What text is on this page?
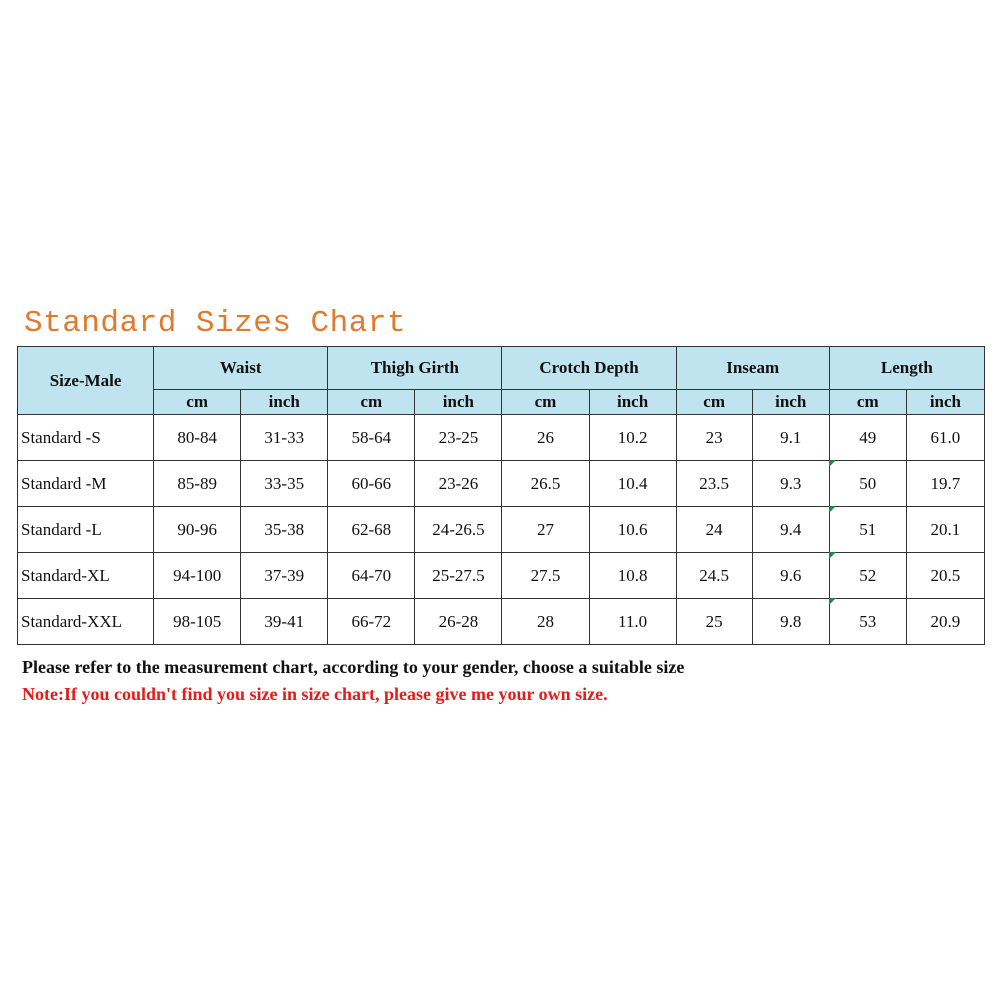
Standard Sizes Chart
Size-Male	Waist		Thigh Girth		Crotch Depth		Inseam		Length	
	cm	inch	cm	inch	cm	inch	cm	inch	cm	inch
Standard -S	80-84	31-33	58-64	23-25	26	10.2	23	9.1	49	61.0
Standard -M	85-89	33-35	60-66	23-26	26.5	10.4	23.5	9.3	50	19.7
Standard -L	90-96	35-38	62-68	24-26.5	27	10.6	24	9.4	51	20.1
Standard-XL	94-100	37-39	64-70	25-27.5	27.5	10.8	24.5	9.6	52	20.5
Standard-XXL	98-105	39-41	66-72	26-28	28	11.0	25	9.8	53	20.9
Please refer to the measurement chart, according to your gender, choose a suitable size
Note:If you couldn't find you size in size chart, please give me your own size.
